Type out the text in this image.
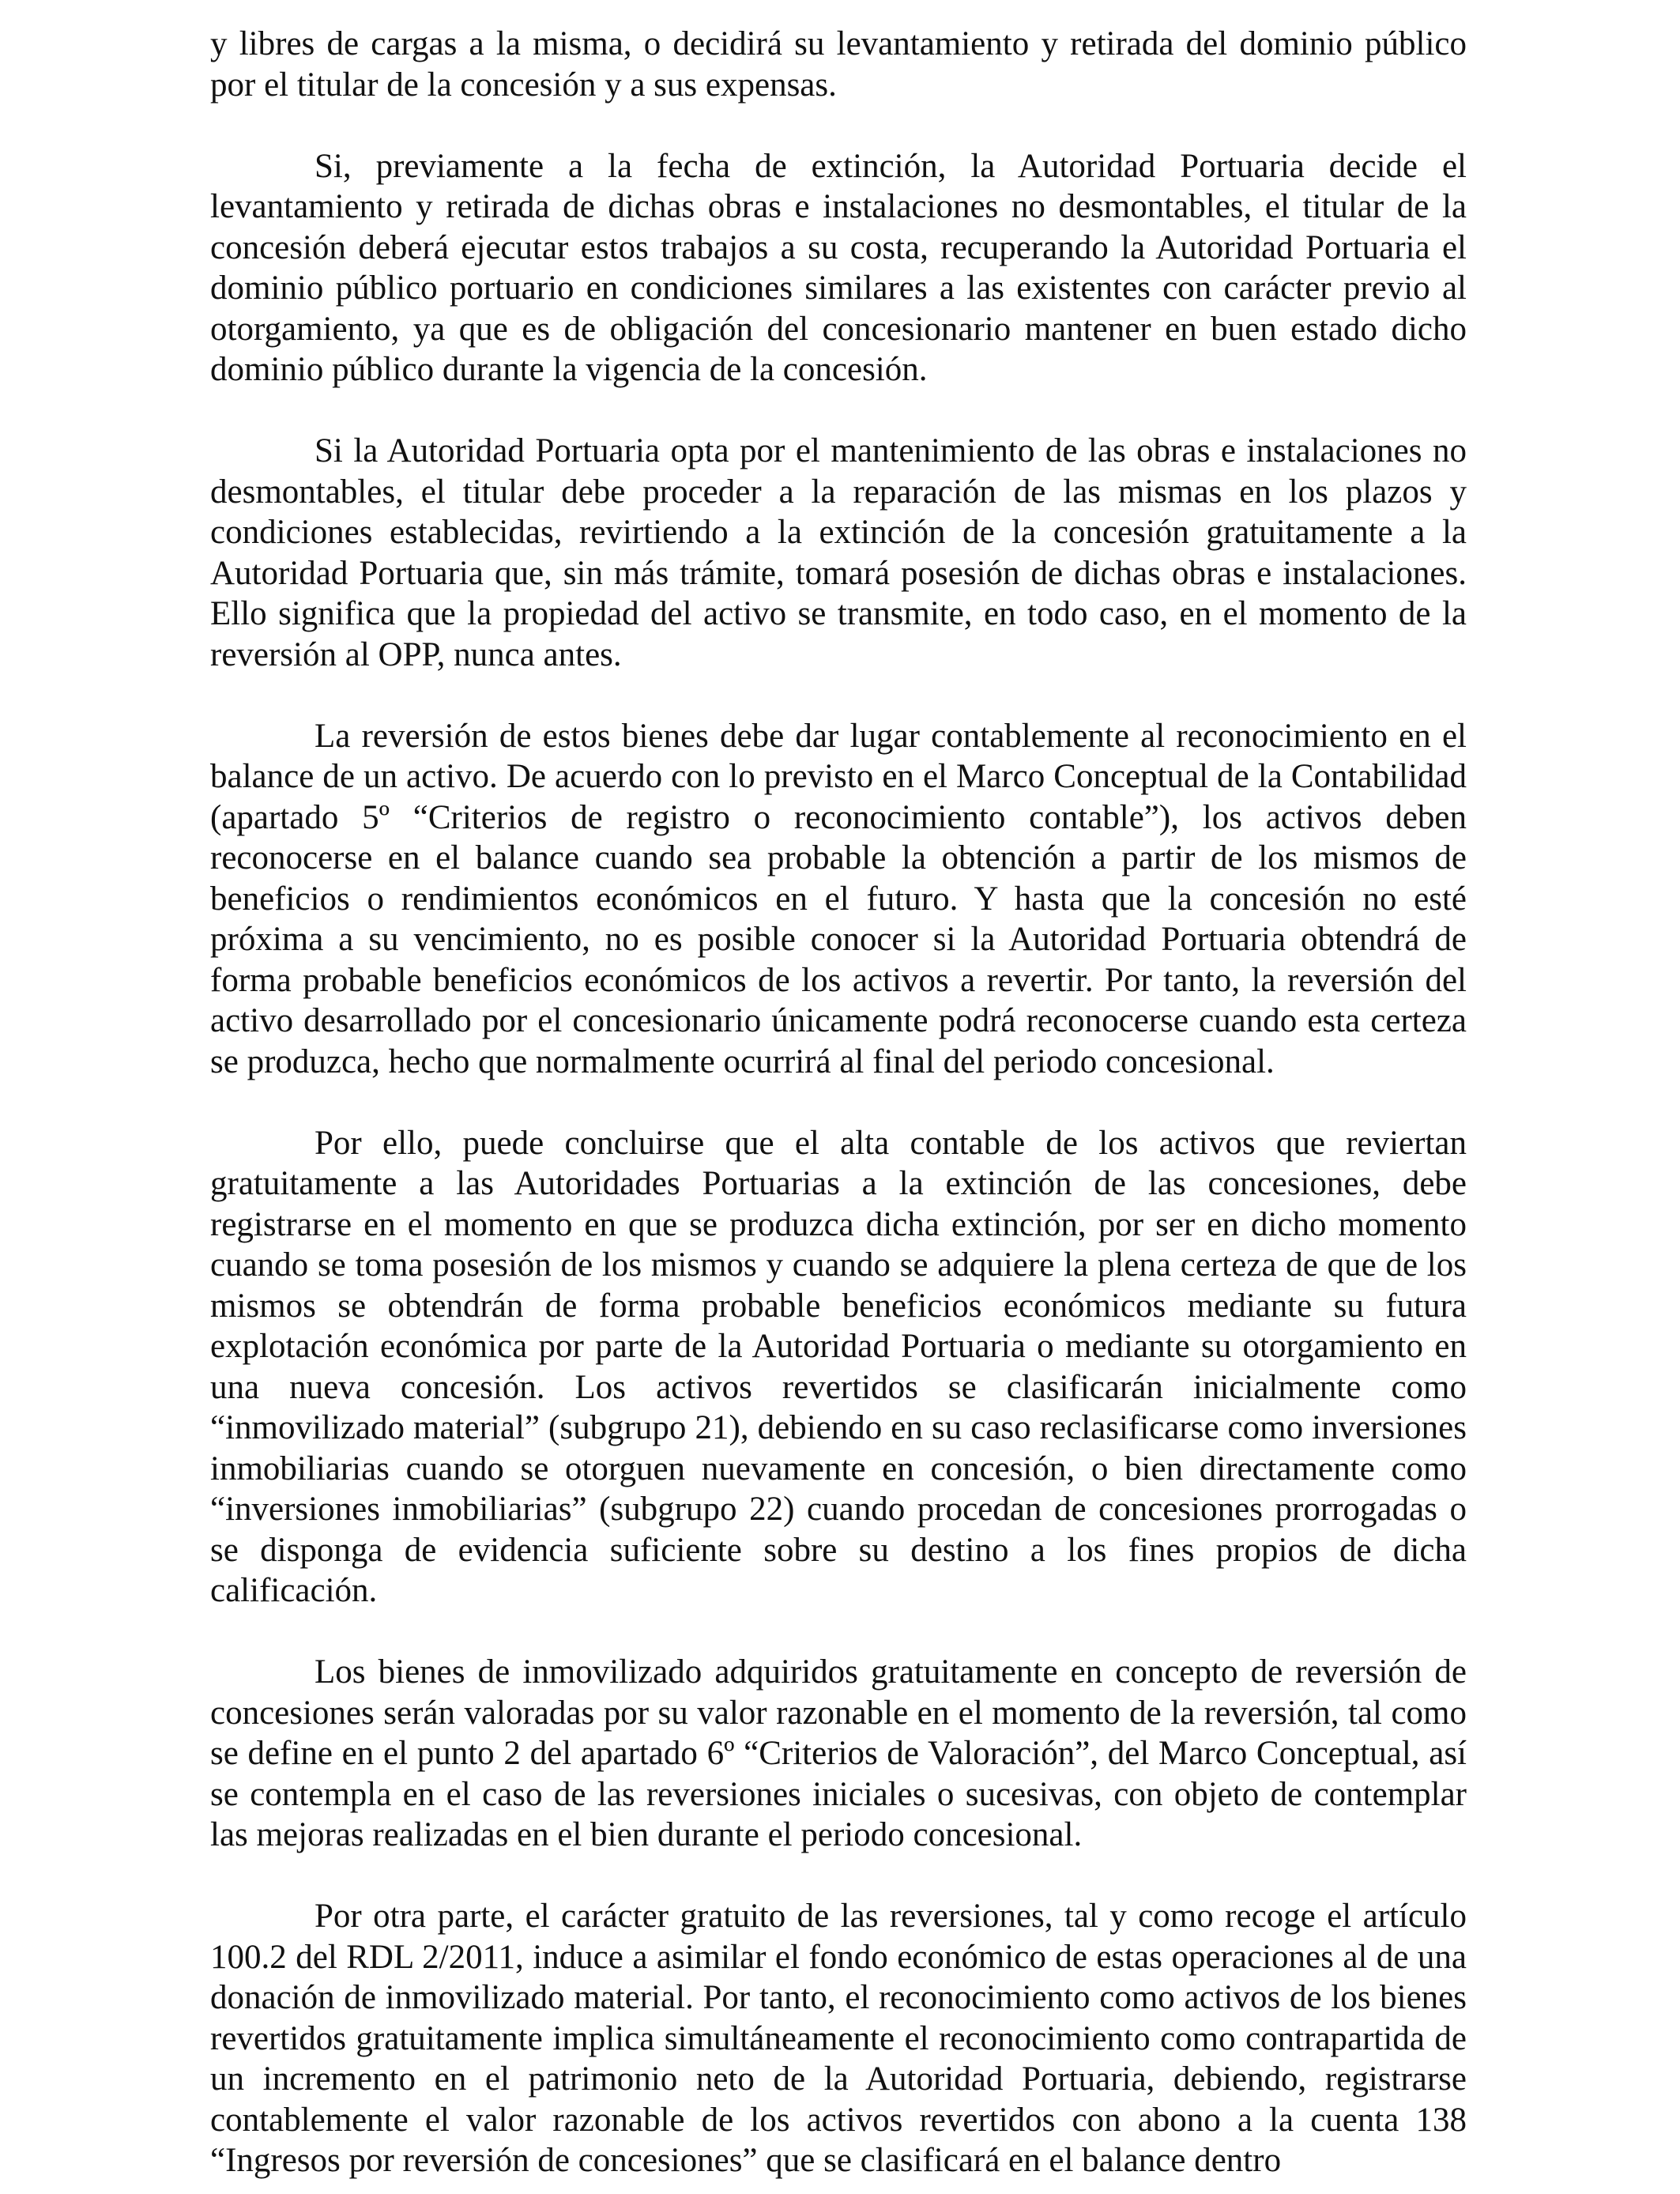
y libres de cargas a la misma, o decidirá su levantamiento y retirada del dominio público por el titular de la concesión y a sus expensas.

Si, previamente a la fecha de extinción, la Autoridad Portuaria decide el levantamiento y retirada de dichas obras e instalaciones no desmontables, el titular de la concesión deberá ejecutar estos trabajos a su costa, recuperando la Autoridad Portuaria el dominio público portuario en condiciones similares a las existentes con carácter previo al otorgamiento, ya que es de obligación del concesionario mantener en buen estado dicho dominio público durante la vigencia de la concesión.

Si la Autoridad Portuaria opta por el mantenimiento de las obras e instalaciones no desmontables, el titular debe proceder a la reparación de las mismas en los plazos y condiciones establecidas, revirtiendo a la extinción de la concesión gratuitamente a la Autoridad Portuaria que, sin más trámite, tomará posesión de dichas obras e instalaciones. Ello significa que la propiedad del activo se transmite, en todo caso, en el momento de la reversión al OPP, nunca antes.

La reversión de estos bienes debe dar lugar contablemente al reconocimiento en el balance de un activo. De acuerdo con lo previsto en el Marco Conceptual de la Contabilidad (apartado 5º “Criterios de registro o reconocimiento contable”), los activos deben reconocerse en el balance cuando sea probable la obtención a partir de los mismos de beneficios o rendimientos económicos en el futuro. Y hasta que la concesión no esté próxima a su vencimiento, no es posible conocer si la Autoridad Portuaria obtendrá de forma probable beneficios económicos de los activos a revertir. Por tanto, la reversión del activo desarrollado por el concesionario únicamente podrá reconocerse cuando esta certeza se produzca, hecho que normalmente ocurrirá al final del periodo concesional.

Por ello, puede concluirse que el alta contable de los activos que reviertan gratuitamente a las Autoridades Portuarias a la extinción de las concesiones, debe registrarse en el momento en que se produzca dicha extinción, por ser en dicho momento cuando se toma posesión de los mismos y cuando se adquiere la plena certeza de que de los mismos se obtendrán de forma probable beneficios económicos mediante su futura explotación económica por parte de la Autoridad Portuaria o mediante su otorgamiento en una nueva concesión. Los activos revertidos se clasificarán inicialmente como “inmovilizado material” (subgrupo 21), debiendo en su caso reclasificarse como inversiones inmobiliarias cuando se otorguen nuevamente en concesión, o bien directamente como “inversiones inmobiliarias” (subgrupo 22) cuando procedan de concesiones prorrogadas o se disponga de evidencia suficiente sobre su destino a los fines propios de dicha calificación.

Los bienes de inmovilizado adquiridos gratuitamente en concepto de reversión de concesiones serán valoradas por su valor razonable en el momento de la reversión, tal como se define en el punto 2 del apartado 6º “Criterios de Valoración”, del Marco Conceptual, así se contempla en el caso de las reversiones iniciales o sucesivas, con objeto de contemplar las mejoras realizadas en el bien durante el periodo concesional.

Por otra parte, el carácter gratuito de las reversiones, tal y como recoge el artículo 100.2 del RDL 2/2011, induce a asimilar el fondo económico de estas operaciones al de una donación de inmovilizado material. Por tanto, el reconocimiento como activos de los bienes revertidos gratuitamente implica simultáneamente el reconocimiento como contrapartida de un incremento en el patrimonio neto de la Autoridad Portuaria, debiendo, registrarse contablemente el valor razonable de los activos revertidos con abono a la cuenta 138 “Ingresos por reversión de concesiones” que se clasificará en el balance dentro
